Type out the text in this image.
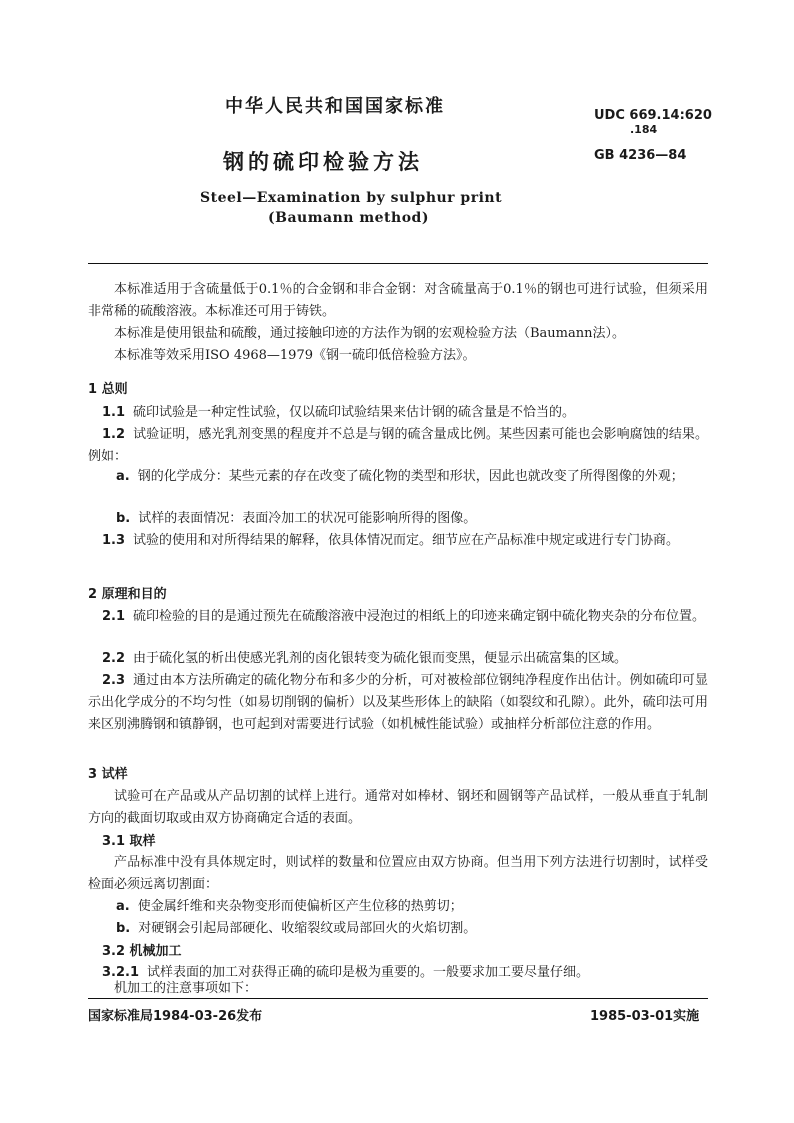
中华人民共和国国家标准	UDC 669.14:620
.184
钢的硫印检验方法	GB 4236—84
Steel—Examination by sulphur print
(Baumann method)
本标准适用于含硫量低于0.1％的合金钢和非合金钢：对含硫量高于0.1％的钢也可进行试验，但须采用非常稀的硫酸溶液。本标准还可用于铸铁。
本标准是使用银盐和硫酸，通过接触印迹的方法作为钢的宏观检验方法（Baumann法）。
本标准等效采用ISO 4968—1979《钢一硫印低倍检验方法》。
1 总则
1.1 硫印试验是一种定性试验，仅以硫印试验结果来估计钢的硫含量是不恰当的。
1.2 试验证明，感光乳剂变黑的程度并不总是与钢的硫含量成比例。某些因素可能也会影响腐蚀的结果。例如：
a. 钢的化学成分：某些元素的存在改变了硫化物的类型和形状，因此也就改变了所得图像的外观；
b. 试样的表面情况：表面冷加工的状况可能影响所得的图像。
1.3 试验的使用和对所得结果的解释，依具体情况而定。细节应在产品标准中规定或进行专门协商。
2 原理和目的
2.1 硫印检验的目的是通过预先在硫酸溶液中浸泡过的相纸上的印迹来确定钢中硫化物夹杂的分布位置。
2.2 由于硫化氢的析出使感光乳剂的卤化银转变为硫化银而变黑，便显示出硫富集的区域。
2.3 通过由本方法所确定的硫化物分布和多少的分析，可对被检部位钢纯净程度作出估计。例如硫印可显示出化学成分的不均匀性（如易切削钢的偏析）以及某些形体上的缺陷（如裂纹和孔隙）。此外，硫印法可用来区别沸腾钢和镇静钢，也可起到对需要进行试验（如机械性能试验）或抽样分析部位注意的作用。
3 试样
试验可在产品或从产品切割的试样上进行。通常对如棒材、钢坯和圆钢等产品试样，一般从垂直于轧制方向的截面切取或由双方协商确定合适的表面。
3.1 取样
产品标准中没有具体规定时，则试样的数量和位置应由双方协商。但当用下列方法进行切割时，试样受检面必须远离切割面：
a. 使金属纤维和夹杂物变形而使偏析区产生位移的热剪切；
b. 对硬钢会引起局部硬化、收缩裂纹或局部回火的火焰切割。
3.2 机械加工
3.2.1 试样表面的加工对获得正确的硫印是极为重要的。一般要求加工要尽量仔细。
机加工的注意事项如下：
国家标准局1984-03-26发布	1985-03-01实施
